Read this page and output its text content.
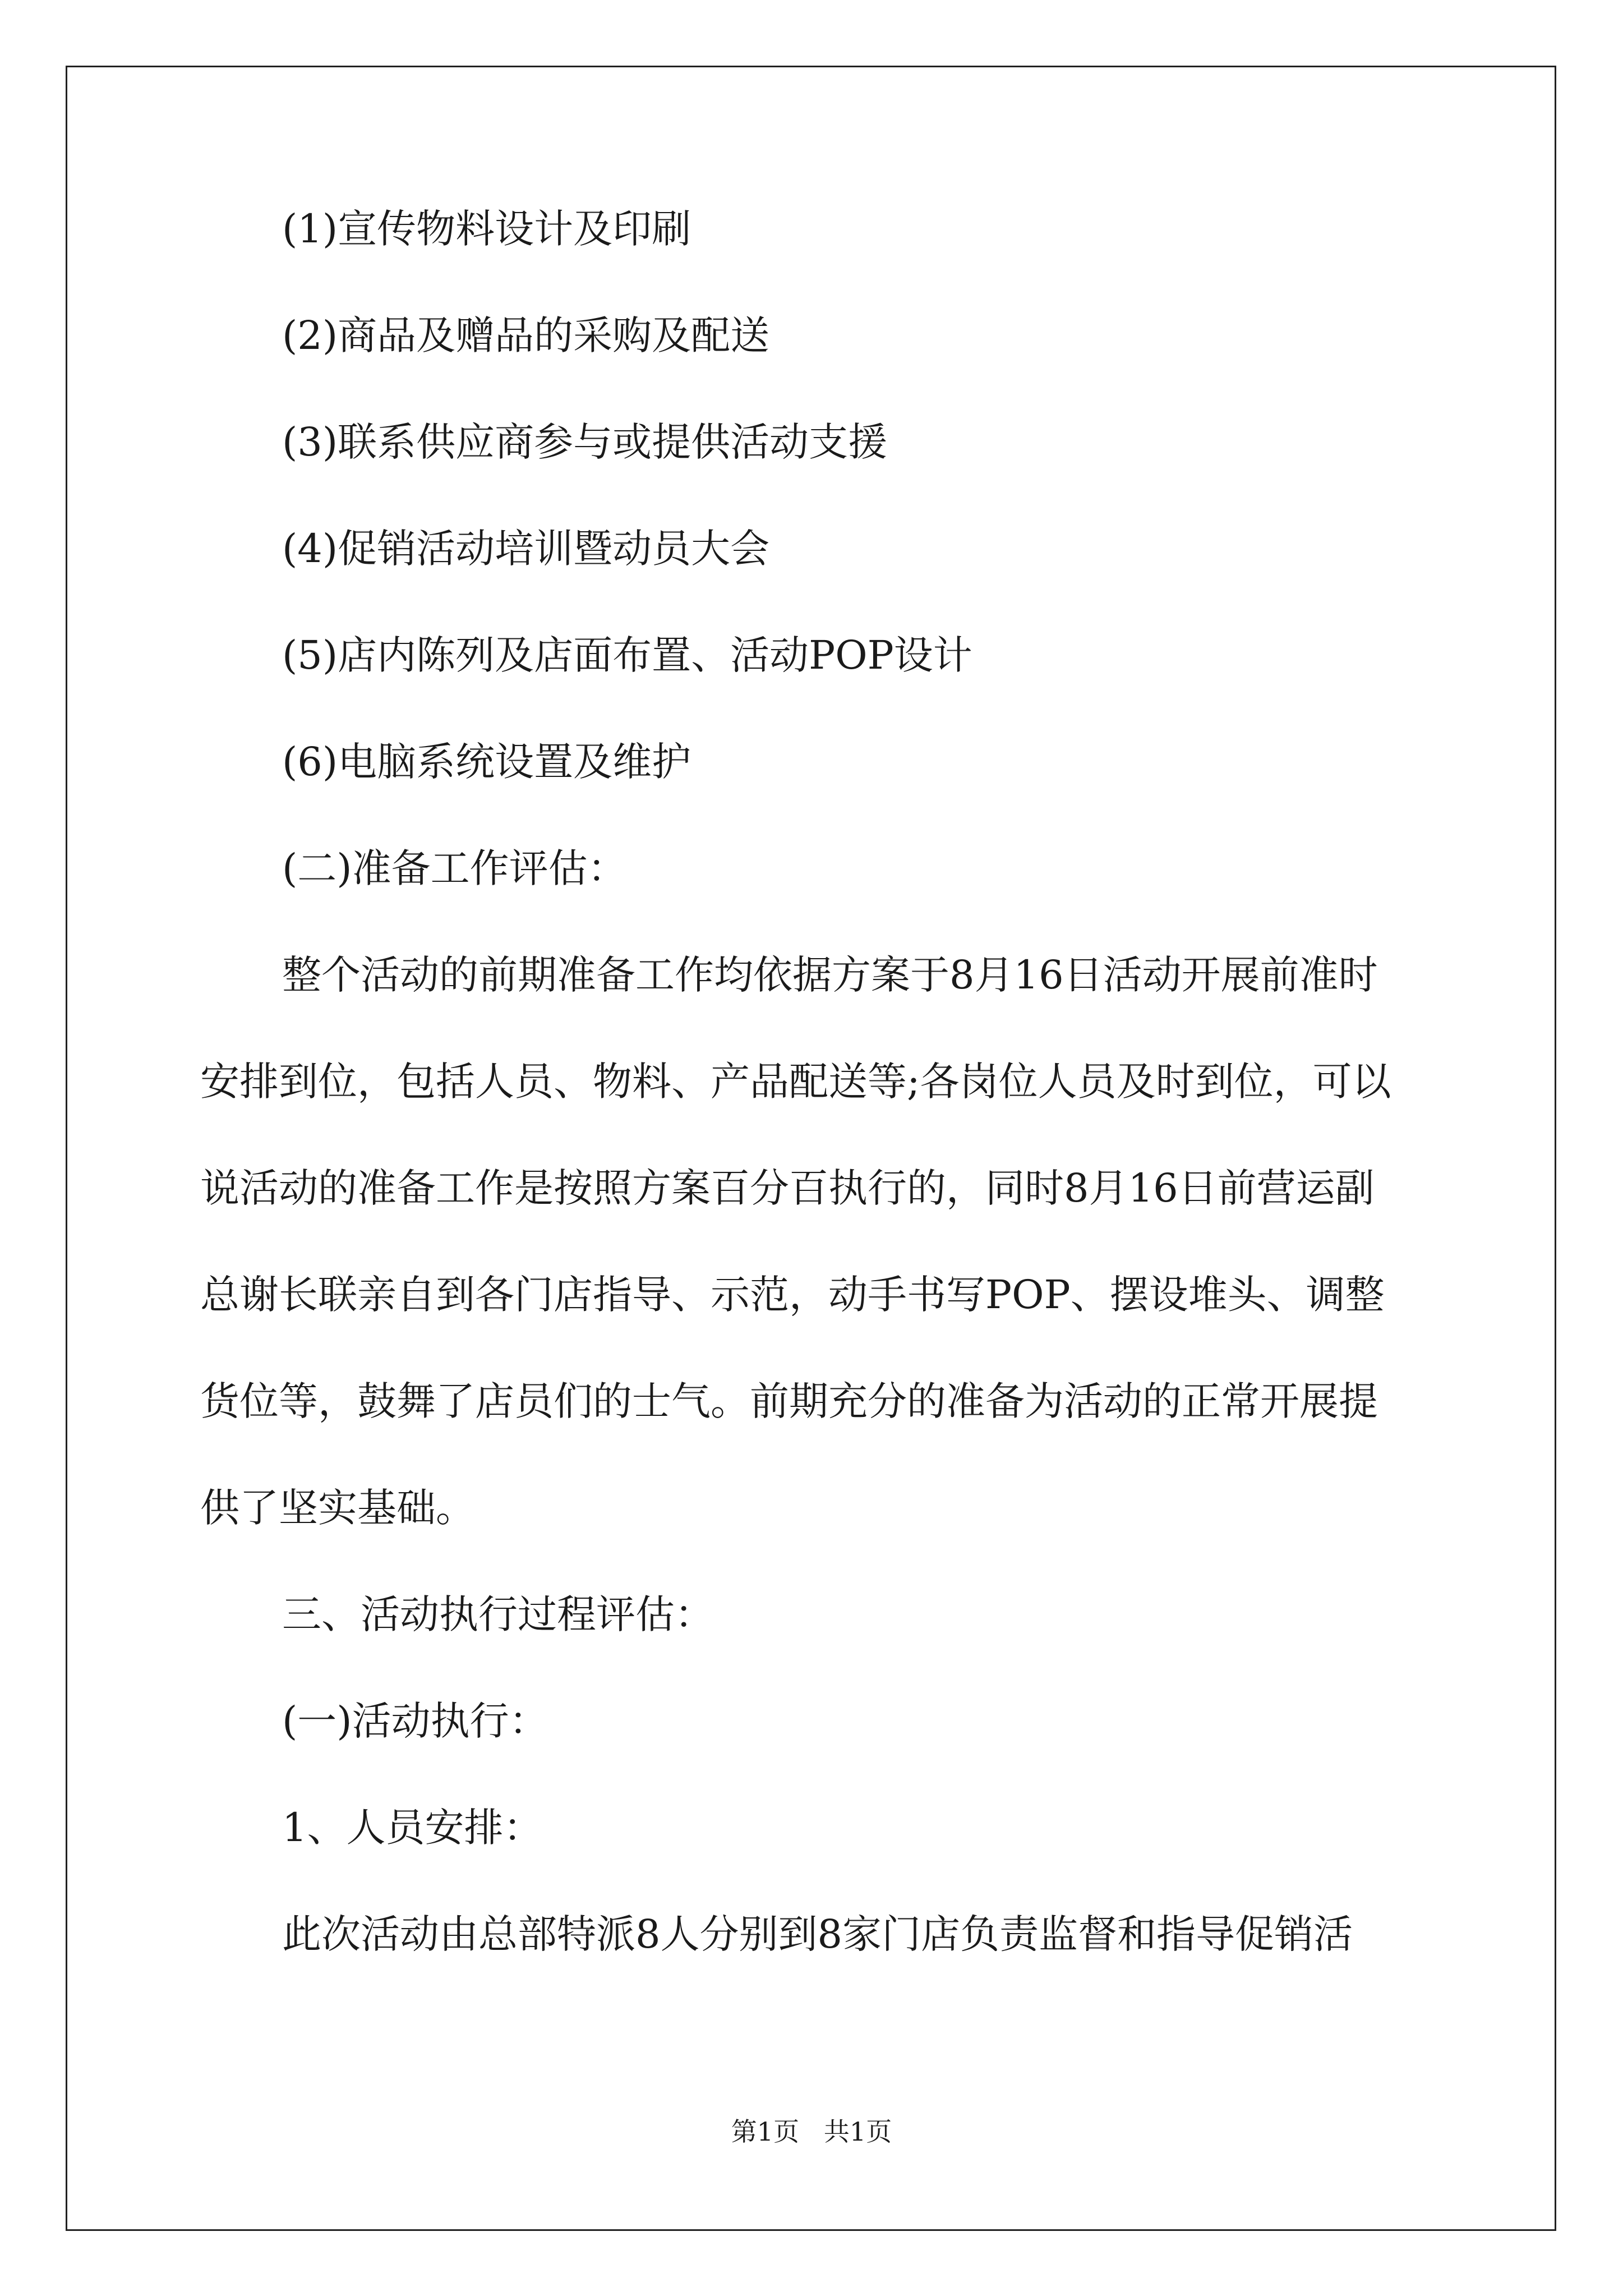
(1)宣传物料设计及印刷

(2)商品及赠品的采购及配送

(3)联系供应商参与或提供活动支援

(4)促销活动培训暨动员大会

(5)店内陈列及店面布置、活动POP设计

(6)电脑系统设置及维护

(二)准备工作评估：

整个活动的前期准备工作均依据方案于8月16日活动开展前准时

安排到位，包括人员、物料、产品配送等;各岗位人员及时到位，可以

说活动的准备工作是按照方案百分百执行的，同时8月16日前营运副

总谢长联亲自到各门店指导、示范，动手书写POP、摆设堆头、调整

货位等，鼓舞了店员们的士气。前期充分的准备为活动的正常开展提

供了坚实基础。

三、活动执行过程评估：

(一)活动执行：

1、人员安排：

此次活动由总部特派8人分别到8家门店负责监督和指导促销活

第1页   共1页
